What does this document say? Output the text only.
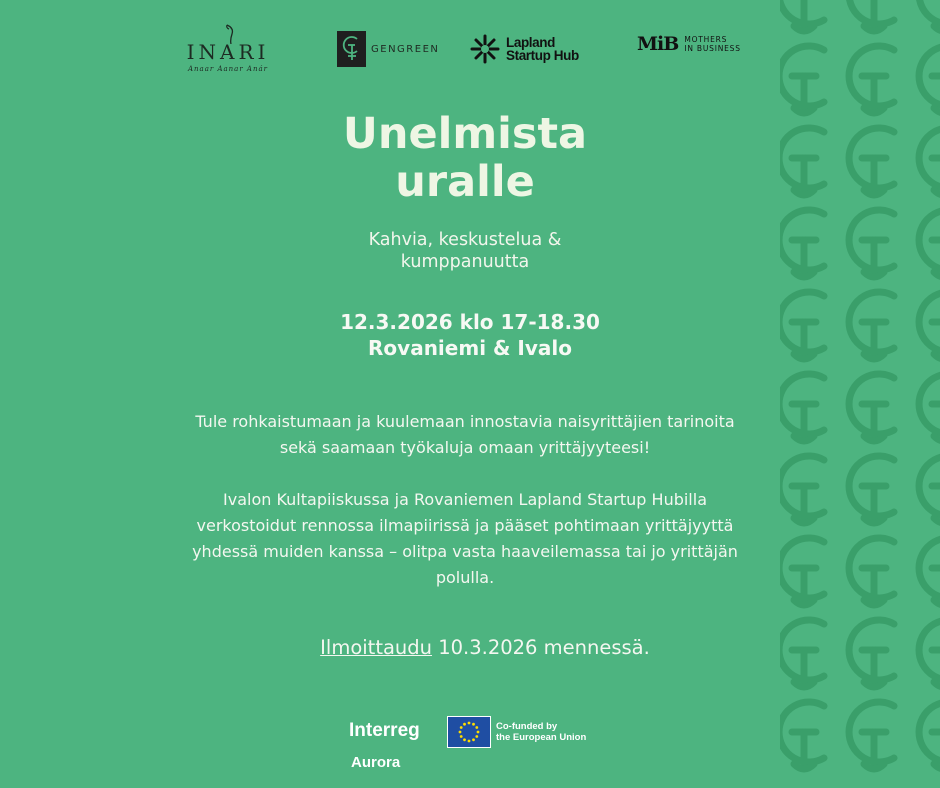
INARI
Anaar Aanar Anár
GENGREEN	Lapland
Startup Hub
MiB MOTHERS
IN BUSINESS
Unelmista
uralle
Kahvia, keskustelua &
kumppanuutta
12.3.2026 klo 17-18.30
Rovaniemi & Ivalo
Tule rohkaistumaan ja kuulemaan innostavia naisyrittäjien tarinoita
sekä saamaan työkaluja omaan yrittäjyyteesi!
Ivalon Kultapiiskussa ja Rovaniemen Lapland Startup Hubilla
verkostoidut rennossa ilmapiirissä ja pääset pohtimaan yrittäjyyttä
yhdessä muiden kanssa – olitpa vasta haaveilemassa tai jo yrittäjän
polulla.
Ilmoittaudu 10.3.2026 mennessä.
Interreg
Aurora
Co-funded by
the European Union
